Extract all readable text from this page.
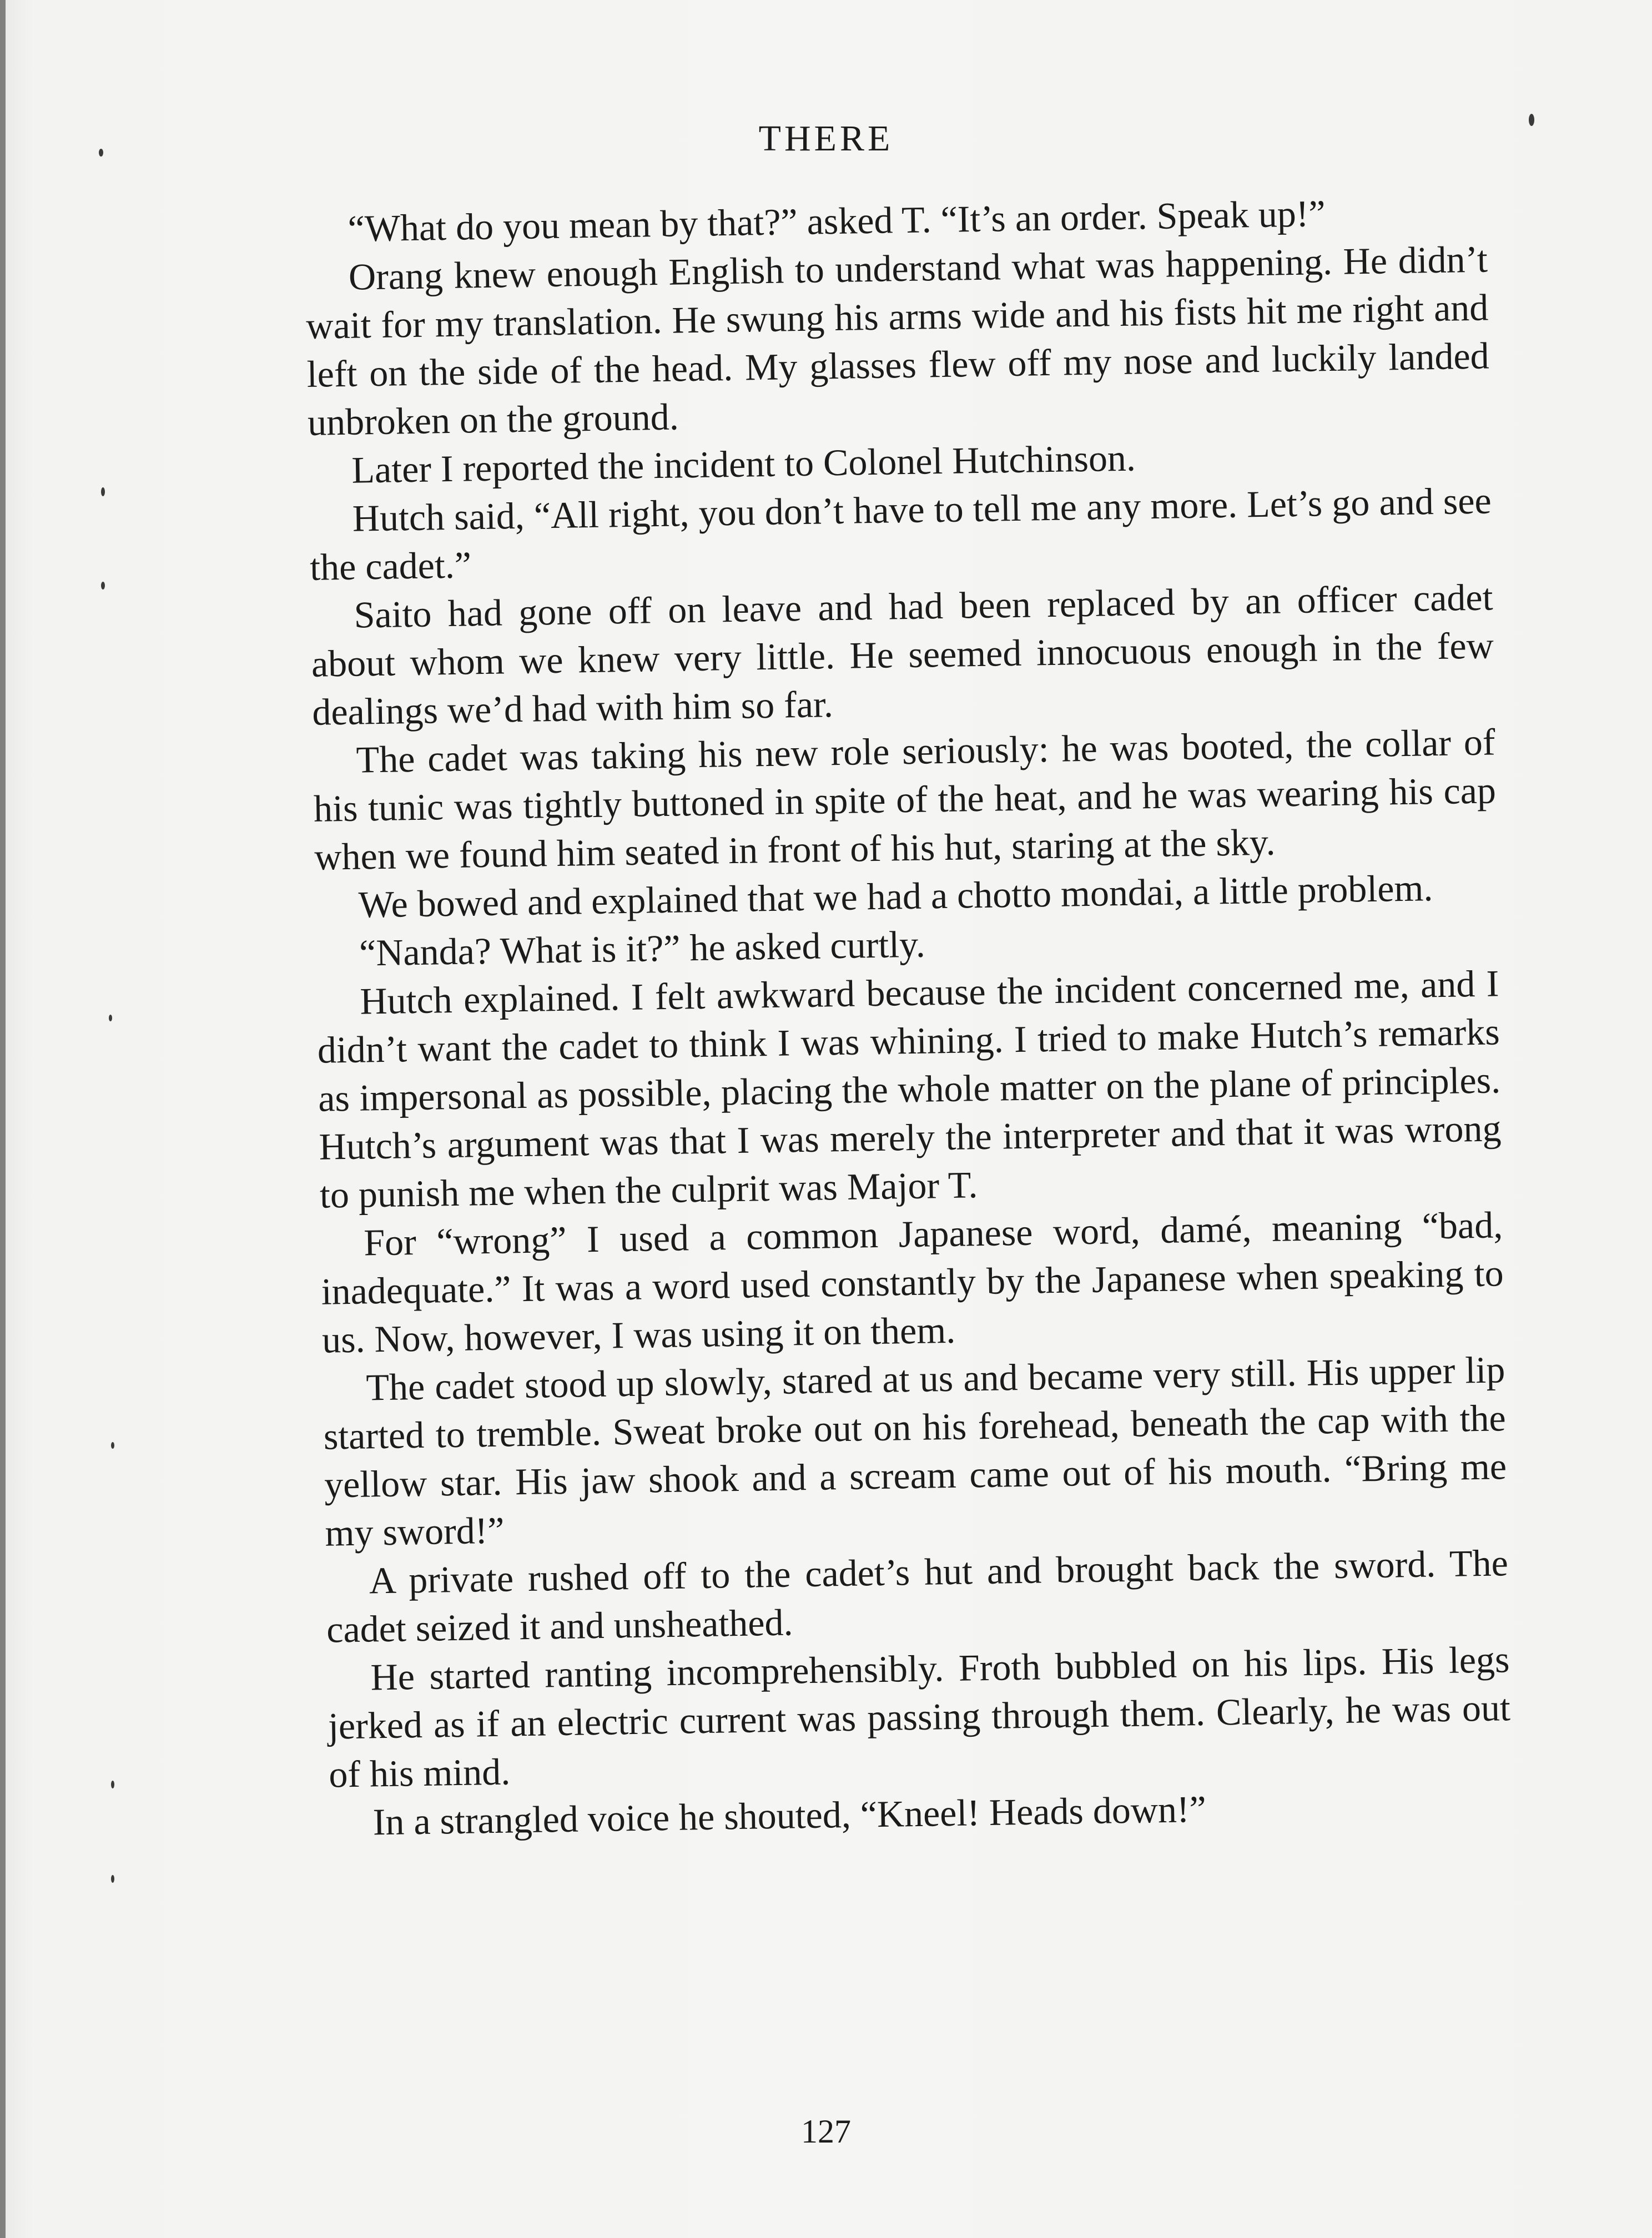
THERE

“What do you mean by that?” asked T. “It’s an order. Speak up!”

Orang knew enough English to understand what was happening. He didn’t wait for my translation. He swung his arms wide and his fists hit me right and left on the side of the head. My glasses flew off my nose and luckily landed unbroken on the ground.

Later I reported the incident to Colonel Hutchinson.

Hutch said, “All right, you don’t have to tell me any more. Let’s go and see the cadet.”

Saito had gone off on leave and had been replaced by an officer cadet about whom we knew very little. He seemed innocuous enough in the few dealings we’d had with him so far.

The cadet was taking his new role seriously: he was booted, the collar of his tunic was tightly buttoned in spite of the heat, and he was wearing his cap when we found him seated in front of his hut, staring at the sky.

We bowed and explained that we had a chotto mondai, a little problem.

“Nanda? What is it?” he asked curtly.

Hutch explained. I felt awkward because the incident concerned me, and I didn’t want the cadet to think I was whining. I tried to make Hutch’s remarks as impersonal as possible, placing the whole matter on the plane of principles. Hutch’s argument was that I was merely the interpreter and that it was wrong to punish me when the culprit was Major T.

For “wrong” I used a common Japanese word, damé, meaning “bad, inadequate.” It was a word used constantly by the Japanese when speaking to us. Now, however, I was using it on them.

The cadet stood up slowly, stared at us and became very still. His upper lip started to tremble. Sweat broke out on his forehead, beneath the cap with the yellow star. His jaw shook and a scream came out of his mouth. “Bring me my sword!”

A private rushed off to the cadet’s hut and brought back the sword. The cadet seized it and unsheathed.

He started ranting incomprehensibly. Froth bubbled on his lips. His legs jerked as if an electric current was passing through them. Clearly, he was out of his mind.

In a strangled voice he shouted, “Kneel! Heads down!”

127
